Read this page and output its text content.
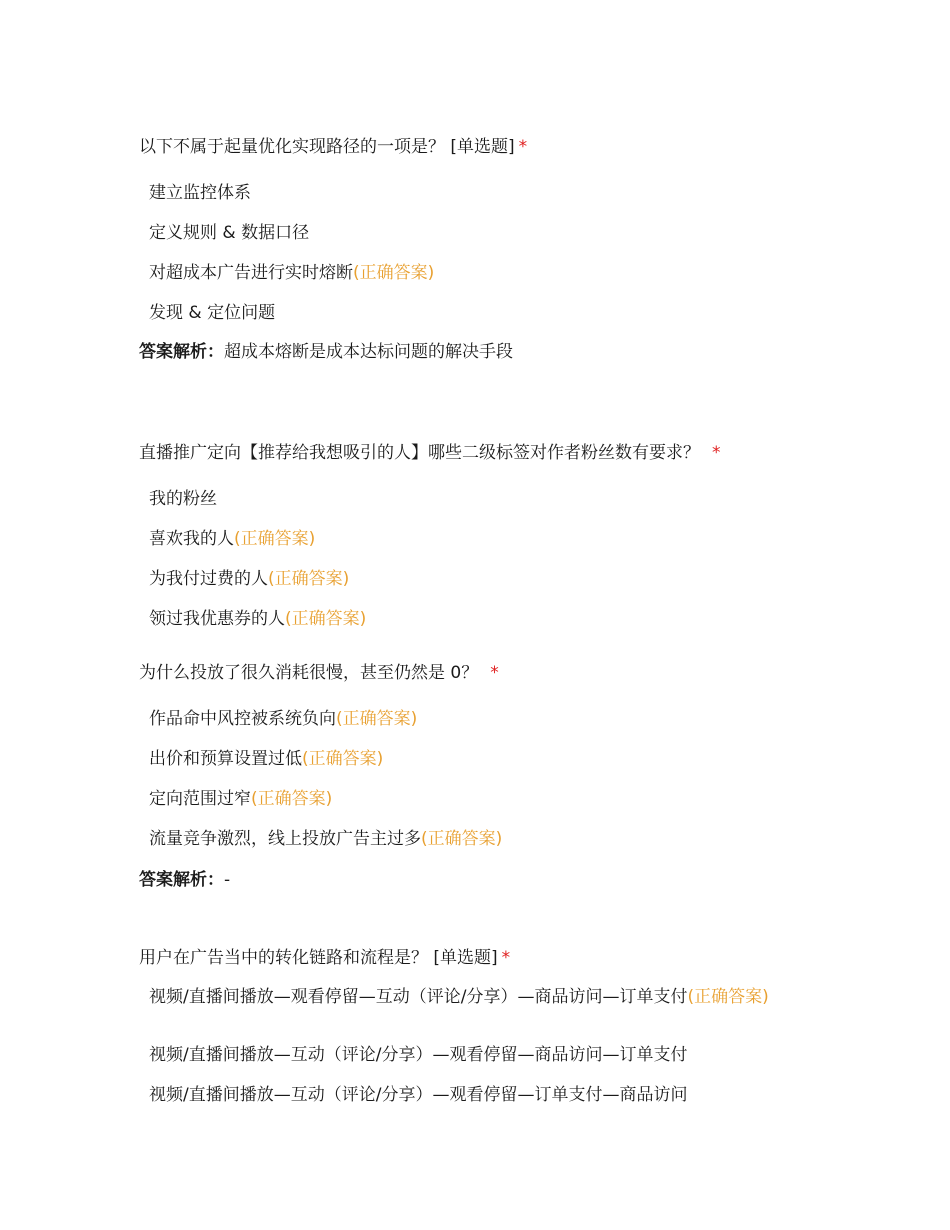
以下不属于起量优化实现路径的一项是？ [单选题] *
建立监控体系
定义规则 & 数据口径
对超成本广告进行实时熔断(正确答案)
发现 & 定位问题
答案解析：超成本熔断是成本达标问题的解决手段
直播推广定向【推荐给我想吸引的人】哪些二级标签对作者粉丝数有要求？ *
我的粉丝
喜欢我的人(正确答案)
为我付过费的人(正确答案)
领过我优惠券的人(正确答案)
为什么投放了很久消耗很慢，甚至仍然是 0？ *
作品命中风控被系统负向(正确答案)
出价和预算设置过低(正确答案)
定向范围过窄(正确答案)
流量竞争激烈，线上投放广告主过多(正确答案)
答案解析：-
用户在广告当中的转化链路和流程是？ [单选题] *
视频/直播间播放—观看停留—互动（评论/分享）—商品访问—订单支付(正确答案)
视频/直播间播放—互动（评论/分享）—观看停留—商品访问—订单支付
视频/直播间播放—互动（评论/分享）—观看停留—订单支付—商品访问
